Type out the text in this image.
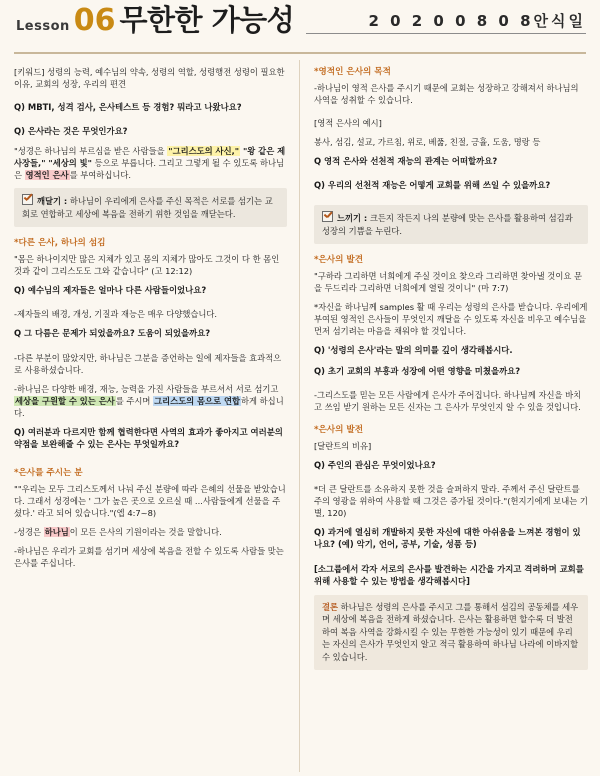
Lesson 06 무한한 가능성	2 0 2 0 0 8 0 8안식일
[키워드] 성령의 능력, 예수님의 약속, 성령의 역할, 성령행전 성령이 필요한 이유, 교회의 성장, 우리의 편견
Q) MBTI, 성격 검사, 은사테스트 등 경험? 뭐라고 나왔나요?
Q) 은사라는 것은 무엇인가요?
"성경은 하나님의 부르심을 받은 사람들을 "그리스도의 사신," "왕 같은 제사장들," "세상의 빛" 등으로 부릅니다. 그리고 그렇게 될 수 있도록 하나님은 영적인 은사를 부여하십니다.
깨달기 : 하나님이 우리에게 은사를 주신 목적은 서로를 섬기는 교회로 연합하고 세상에 복음을 전하기 위한 것임을 깨닫는다.
*다른 은사, 하나의 섬김
"몸은 하나이지만 많은 지체가 있고 몸의 지체가 많아도 그것이 다 한 몸인 것과 같이 그리스도도 그와 같습니다" (고 12:12)
Q) 예수님의 제자들은 얼마나 다른 사람들이었나요?
-제자들의 배경, 개성, 기질과 재능은 매우 다양했습니다.
Q 그 다름은 문제가 되었을까요? 도움이 되었을까요?
-다른 부분이 많았지만, 하나님은 그분을 증언하는 일에 제자들을 효과적으로 사용하셨습니다.
-하나님은 다양한 배경, 재능, 능력을 가진 사람들을 부르셔서 서로 섬기고 세상을 구원할 수 있는 은사를 주시며 그리스도의 몸으로 연합하게 하십니다.
Q) 여러분과 다르지만 함께 협력한다면 사역의 효과가 좋아지고 여러분의 약점을 보완해줄 수 있는 은사는 무엇일까요?
*은사를 주시는 분
""우리는 모두 그리스도께서 나눠 주신 분량에 따라 은혜의 선물을 받았습니다. 그래서 성경에는 ' 그가 높은 곳으로 오르실 때 ...사람들에게 선물을 주셨다.' 라고 되어 있습니다."(엡 4:7~8)
-성경은 하나님이 모든 은사의 기원이라는 것을 말합니다.
-하나님은 우리가 교회를 섬기며 세상에 복음을 전할 수 있도록 사람들 맞는 은사를 주십니다.
*영적인 은사의 목적
-하나님이 영적 은사를 주시기 때문에 교회는 성장하고 강해져서 하나님의 사역을 성취할 수 있습니다.
[영적 은사의 예시]
봉사, 섬김, 설교, 가르침, 위로, 베풂, 친절, 긍휼, 도움, 명랑 등
Q 영적 은사와 선천적 재능의 관계는 어떠할까요?
Q) 우리의 선천적 재능은 어떻게 교회를 위해 쓰일 수 있을까요?
느끼기 : 크든지 작든지 나의 분량에 맞는 은사를 활용하여 섬김과 성장의 기쁨을 누린다.
*은사의 발견
"구하라 그리하면 너희에게 주실 것이요 찾으라 그리하면 찾아낼 것이요 문을 두드리라 그리하면 너희에게 열릴 것이니" (마 7:7)
*자신을 하나님께 samples 활 때 우리는 성령의 은사를 받습니다. 우리에게 부여된 영적인 은사들이 무엇인지 깨달을 수 있도록 자신을 비우고 예수님을 먼저 섬기려는 마음을 채워야 할 것입니다.
Q) '성령의 은사'라는 말의 의미를 깊이 생각해봅시다.
Q) 초기 교회의 부흥과 성장에 어떤 영향을 미쳤을까요?
-그리스도를 믿는 모든 사람에게 은사가 주어집니다. 하나님께 자신을 바치고 쓰임 받기 원하는 모든 신자는 그 은사가 무엇인지 알 수 있을 것입니다.
*은사의 발전
[달란트의 비유]
Q) 주인의 관심은 무엇이었나요?
*더 큰 달란트를 소유하지 못한 것을 슬퍼하지 말라. 주께서 주신 달란트를 주의 영광을 위하여 사용할 때 그것은 증가될 것이다."(헌지기에게 보내는 기별, 120)
Q) 과거에 열심히 개발하지 못한 자신에 대한 아쉬움을 느껴본 경험이 있나요? (예) 악기, 언어, 공부, 기술, 성품 등)
[소그룹에서 각자 서로의 은사를 발견하는 시간을 가지고 격려하며 교회를 위해 사용할 수 있는 방법을 생각해봅시다]
결론 하나님은 성령의 은사를 주시고 그를 통해서 섬김의 공동체를 세우며 세상에 복음을 전하게 하셨습니다. 은사는 활용하면 할수록 더 발전하여 복음 사역을 강화시킬 수 있는 무한한 가능성이 있기 때문에 우리는 자신의 은사가 무엇인지 알고 적극 활용하여 하나님 나라에 이바지할 수 있습니다.
